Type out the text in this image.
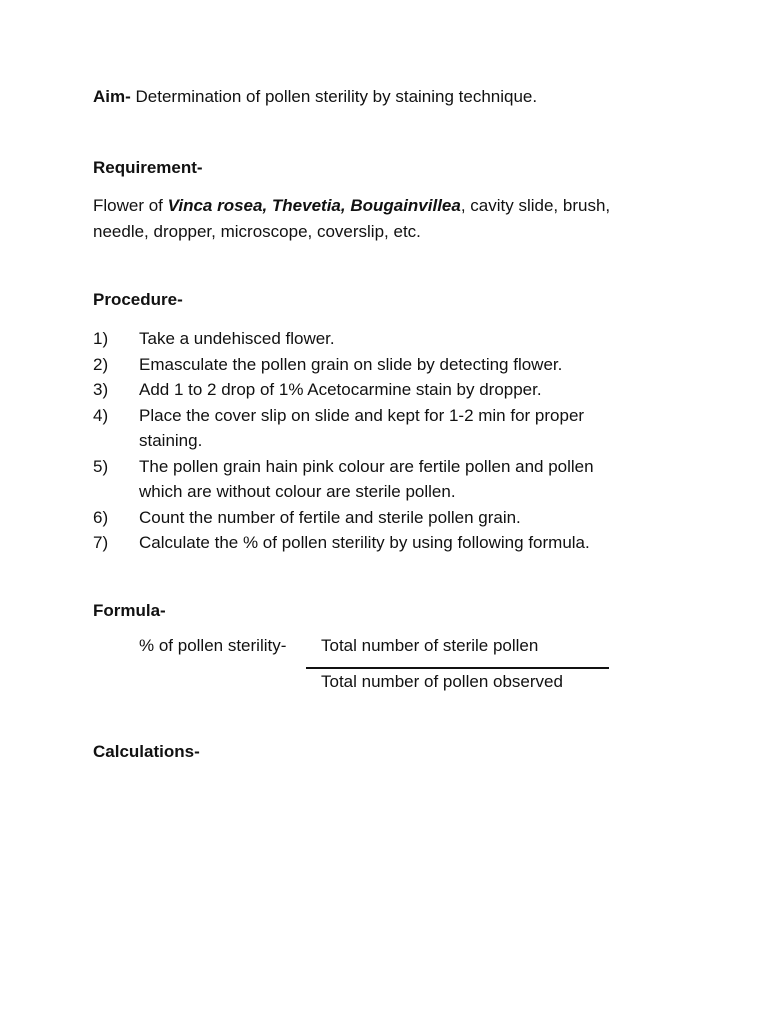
Aim- Determination of pollen sterility by staining technique.
Requirement-
Flower of Vinca rosea, Thevetia, Bougainvillea, cavity slide, brush,
needle, dropper, microscope, coverslip, etc.
Procedure-
1)	Take a undehisced flower.
2)	Emasculate the pollen grain on slide by detecting flower.
3)	Add 1 to 2 drop of 1% Acetocarmine stain by dropper.
4)	Place the cover slip on slide and kept for 1-2 min for proper
staining.
5)	The pollen grain hain pink colour are fertile pollen and pollen
which are without colour are sterile pollen.
6)	Count the number of fertile and sterile pollen grain.
7)	Calculate the % of pollen sterility by using following formula.
Formula-
% of pollen sterility- Total number of sterile pollen
Total number of pollen observed
Calculations-
